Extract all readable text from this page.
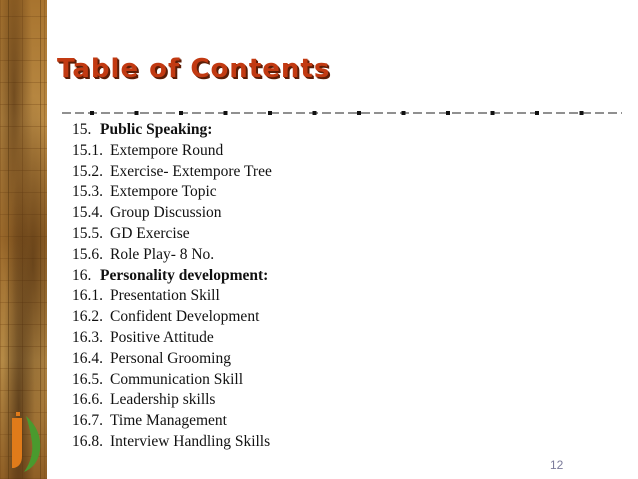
Table of Contents
15. Public Speaking:
15.1. Extempore Round
15.2. Exercise- Extempore Tree
15.3. Extempore Topic
15.4. Group Discussion
15.5. GD Exercise
15.6. Role Play- 8 No.
16. Personality development:
16.1. Presentation Skill
16.2. Confident Development
16.3. Positive Attitude
16.4. Personal Grooming
16.5. Communication Skill
16.6. Leadership skills
16.7. Time Management
16.8. Interview Handling Skills
12
